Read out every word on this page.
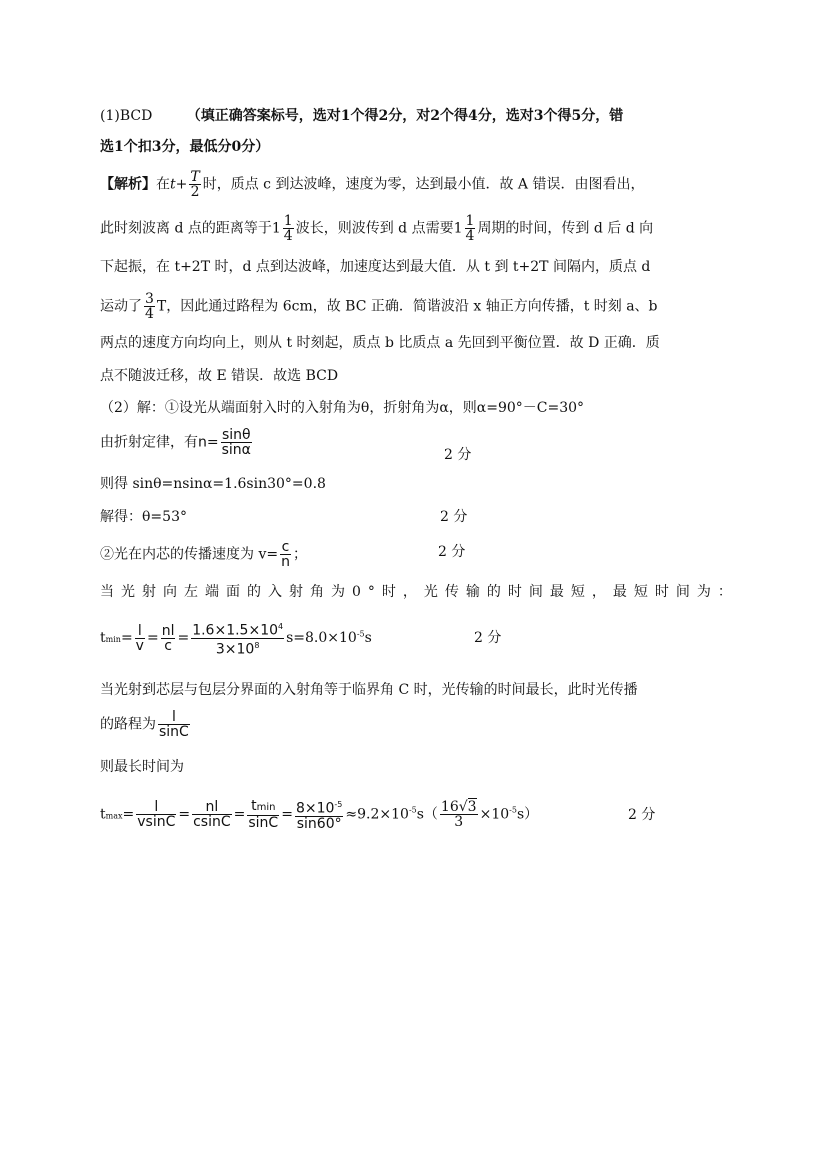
(1)BCD （填正确答案标号，选对1个得2分，对2个得4分，选对3个得5分，错
选1个扣3分，最低分0分）
【解析】在$t+ \frac{T}{2}$ 时，质点 c 到达波峰，速度为零，达到最小值．故 A 错误．由图看出，
此时刻波离 d 点的距离等于$1 \frac{1}{4}$ 波长，则波传到 d 点需要$1 \frac{1}{4}$ 周期的时间，传到 d 后 d 向
下起振，在 t+2T 时，d 点到达波峰，加速度达到最大值．从 t 到 t+2T 间隔内，质点 d
运动了 $\frac{3}{4}$ T，因此通过路程为 6cm，故 BC 正确．简谐波沿 x 轴正方向传播，t 时刻 a、b
两点的速度方向均向上，则从 t 时刻起，质点 b 比质点 a 先回到平衡位置．故 D 正确．质
点不随波迁移，故 E 错误．故选 BCD
（2）解：①设光从端面射入时的入射角为θ，折射角为α，则α=90°－C=30°
由折射定律，有$n= \frac{\sin\theta}{\sin\alpha}$	2 分
则得 sinθ=nsinα=1.6sin30°=0.8
解得：θ=53°	2 分
②光在内芯的传播速度为 $v= \frac{c}{n}$ ；	2 分
当光射向左端面的入射角为0°时，光传输的时间最短，最短时间为：
$tmin= \frac{l}{v} = \frac{nl}{c} = \frac{1.6\times 1.5\times 10^4}{3\times 10^8} s=8.0\times 10^{-5}s$	2 分
当光射到芯层与包层分界面的入射角等于临界角 C 时，光传输的时间最长，此时光传播
的路程为 $\frac{l}{\sin C}$
则最长时间为
$tmax= \frac{l}{vsinC} = \frac{nl}{csinC} = \frac{tmin}{\sin C} = \frac{8\times 10^{-5}}{\sin 60^\circ} \approx 9.2\times 10^{-5}s( \frac{16√3}{3} \times 10^{-5}s)$	2 分
